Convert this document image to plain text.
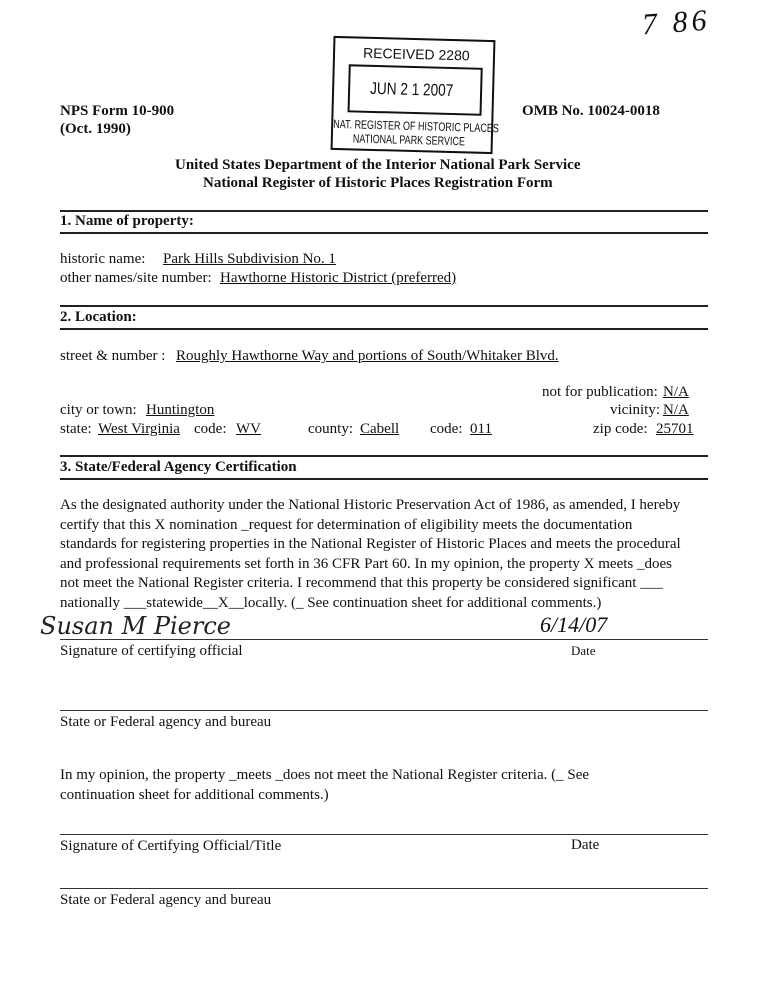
7 86
RECEIVED 2280
JUN 2 1 2007
NAT. REGISTER OF HISTORIC PLACES
NATIONAL PARK SERVICE
NPS Form 10-900
(Oct. 1990)
OMB No. 10024-0018
United States Department of the Interior National Park Service
National Register of Historic Places Registration Form
1. Name of property:
historic name: Park Hills Subdivision No. 1
other names/site number: Hawthorne Historic District (preferred)
2. Location:
street & number : Roughly Hawthorne Way and portions of South/Whitaker Blvd.
not for publication: N/A
city or town: Huntington	vicinity: N/A
state: West Virginia code: WV	county: Cabell code: 011	zip code: 25701
3. State/Federal Agency Certification
As the designated authority under the National Historic Preservation Act of 1986, as amended, I hereby
certify that this X nomination _request for determination of eligibility meets the documentation
standards for registering properties in the National Register of Historic Places and meets the procedural
and professional requirements set forth in 36 CFR Part 60. In my opinion, the property X meets _does
not meet the National Register criteria. I recommend that this property be considered significant ___
nationally ___statewide__X__locally. (_ See continuation sheet for additional comments.)
Susan M Pierce	6/14/07
Signature of certifying official	Date
State or Federal agency and bureau
In my opinion, the property _meets _does not meet the National Register criteria. (_ See
continuation sheet for additional comments.)
Signature of Certifying Official/Title	Date
State or Federal agency and bureau
